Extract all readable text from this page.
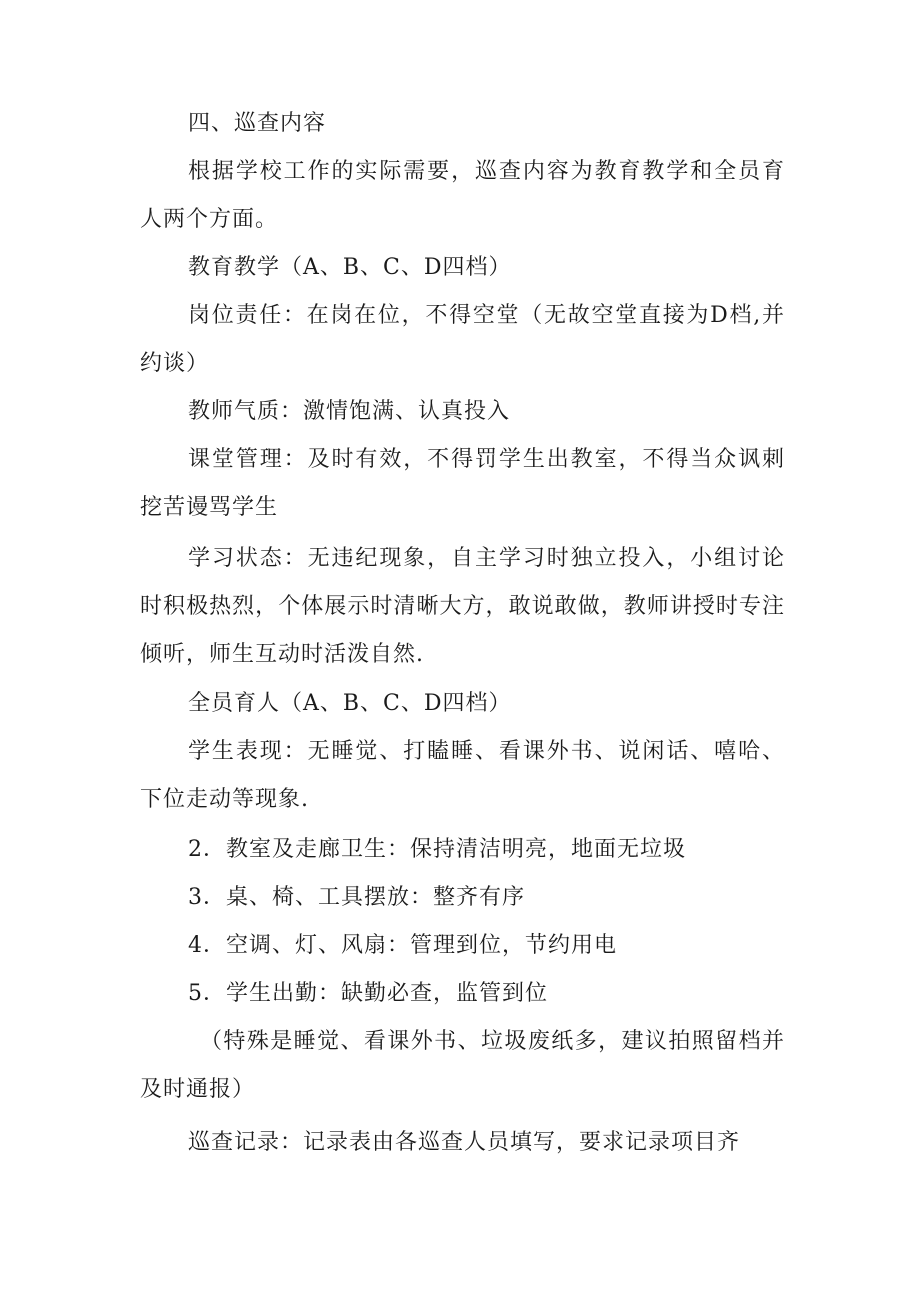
四、巡查内容

根据学校工作的实际需要，巡查内容为教育教学和全员育人两个方面。

教育教学（A、B、C、D四档）

岗位责任：在岗在位，不得空堂（无故空堂直接为D档,并约谈）

教师气质：激情饱满、认真投入

课堂管理：及时有效，不得罚学生出教室，不得当众讽刺挖苦谩骂学生

学习状态：无违纪现象，自主学习时独立投入，小组讨论时积极热烈，个体展示时清晰大方，敢说敢做，教师讲授时专注倾听，师生互动时活泼自然.

全员育人（A、B、C、D四档）

学生表现：无睡觉、打瞌睡、看课外书、说闲话、嘻哈、下位走动等现象.

2．教室及走廊卫生：保持清洁明亮，地面无垃圾

3．桌、椅、工具摆放：整齐有序

4．空调、灯、风扇：管理到位，节约用电

5．学生出勤：缺勤必查，监管到位

（特殊是睡觉、看课外书、垃圾废纸多，建议拍照留档并及时通报）

巡查记录：记录表由各巡查人员填写，要求记录项目齐
